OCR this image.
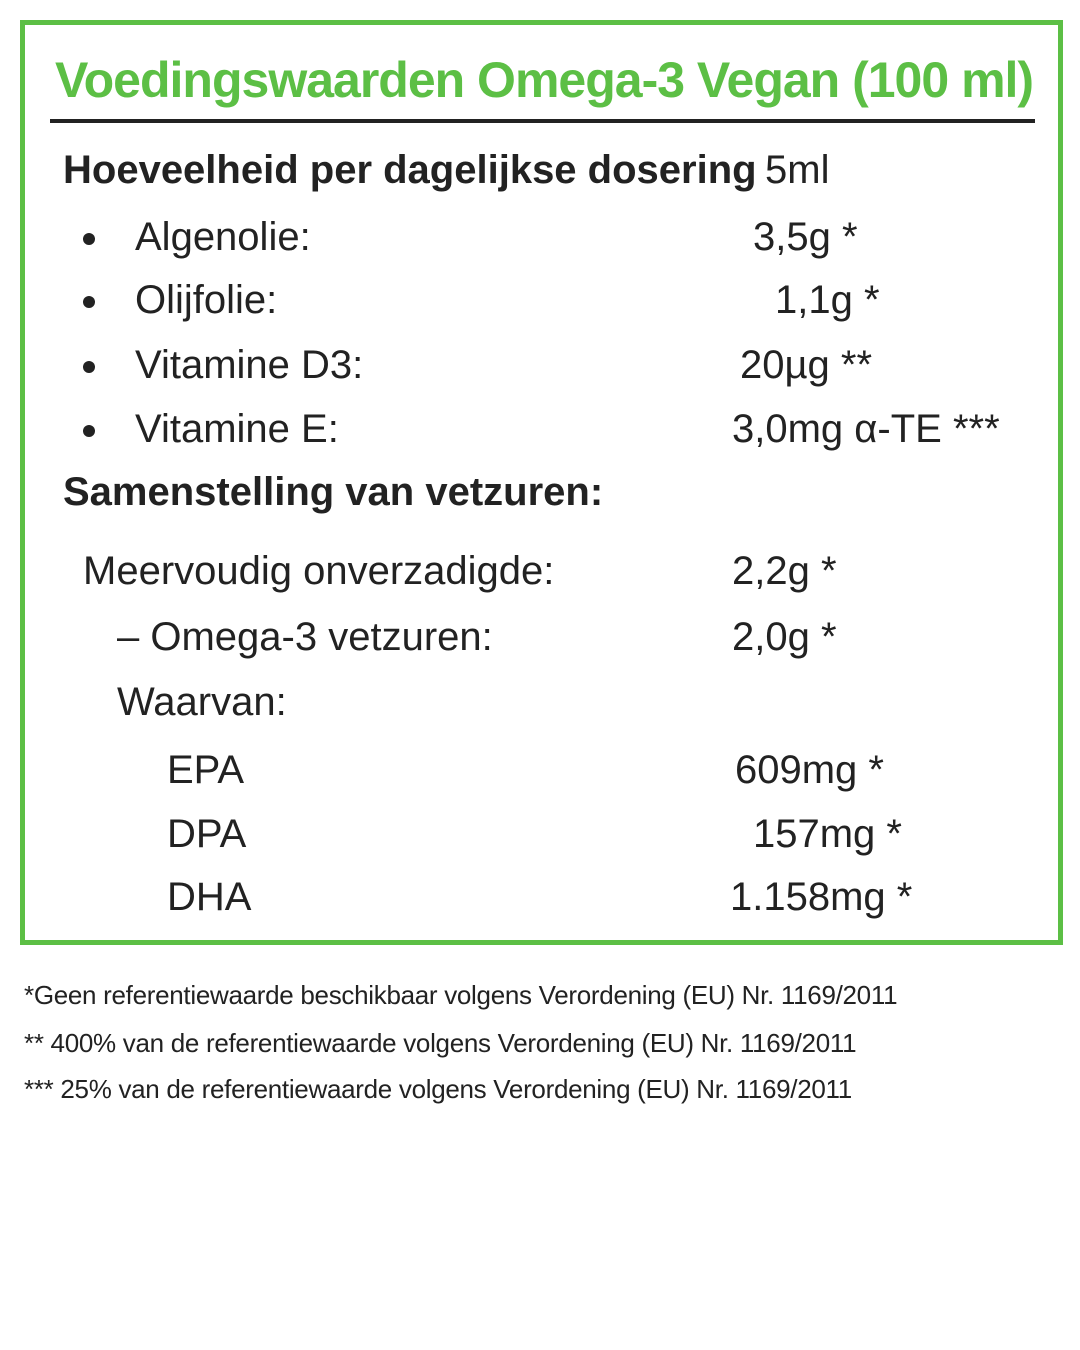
Voedingswaarden Omega-3 Vegan (100 ml)
Hoeveelheid per dagelijkse dosering 5ml
Algenolie:	3,5g *
Olijfolie:	1,1g *
Vitamine D3:	20µg **
Vitamine E:	3,0mg α-TE ***
Samenstelling van vetzuren:
Meervoudig onverzadigde:	2,2g *
– Omega-3 vetzuren:	2,0g *
Waarvan:
EPA	609mg *
DPA	157mg *
DHA	1.158mg *
*Geen referentiewaarde beschikbaar volgens Verordening (EU) Nr. 1169/2011
** 400% van de referentiewaarde volgens Verordening (EU) Nr. 1169/2011
*** 25% van de referentiewaarde volgens Verordening (EU) Nr. 1169/2011
